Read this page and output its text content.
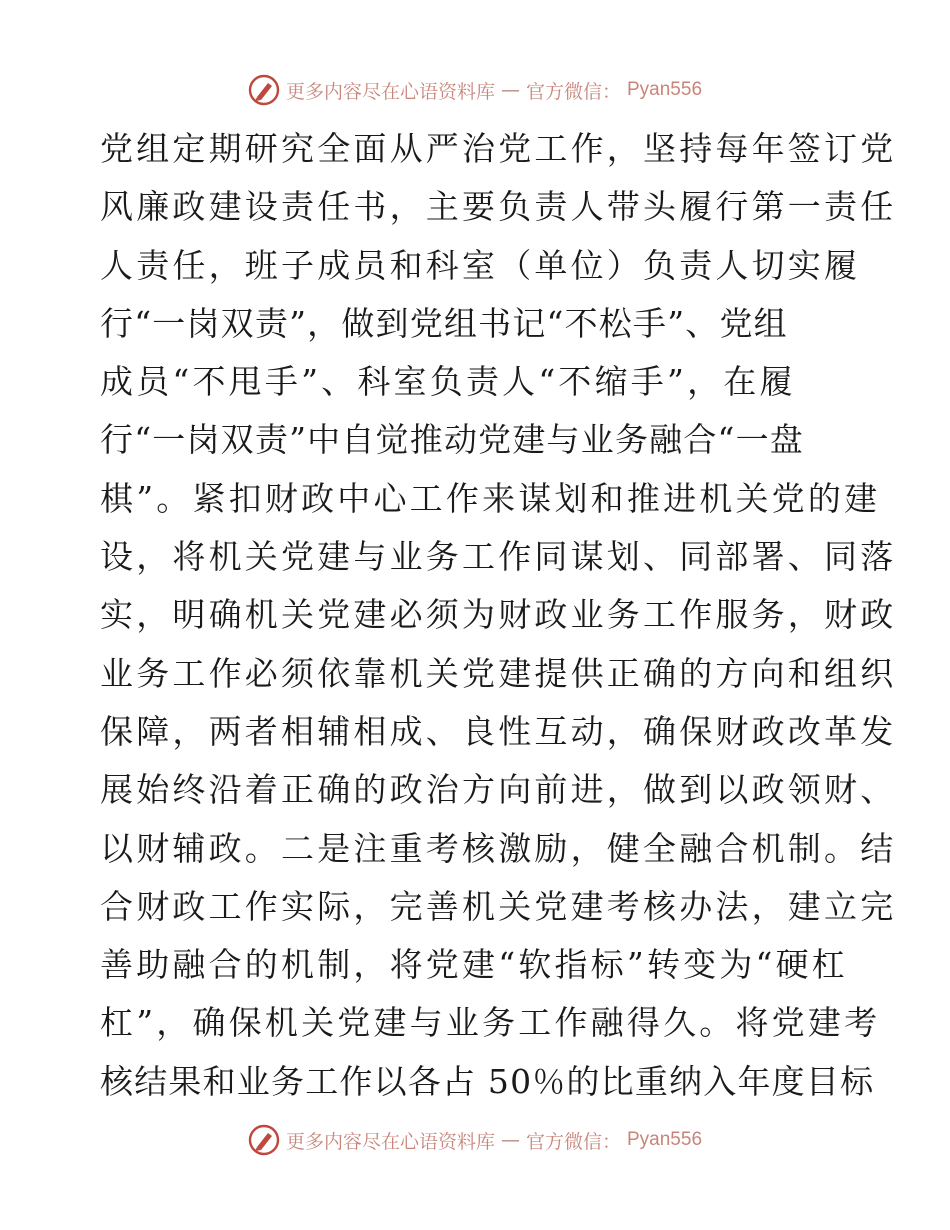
更多内容尽在心语资料库 — 官方微信： Pyan556
党组定期研究全面从严治党工作，坚持每年签订党
风廉政建设责任书，主要负责人带头履行第一责任
人责任，班子成员和科室（单位）负责人切实履
行“一岗双责”，做到党组书记“不松手”、党组
成员“不甩手”、科室负责人“不缩手”，在履
行“一岗双责”中自觉推动党建与业务融合“一盘
棋”。紧扣财政中心工作来谋划和推进机关党的建
设，将机关党建与业务工作同谋划、同部署、同落
实，明确机关党建必须为财政业务工作服务，财政
业务工作必须依靠机关党建提供正确的方向和组织
保障，两者相辅相成、良性互动，确保财政改革发
展始终沿着正确的政治方向前进，做到以政领财、
以财辅政。二是注重考核激励，健全融合机制。结
合财政工作实际，完善机关党建考核办法，建立完
善助融合的机制，将党建“软指标”转变为“硬杠
杠”，确保机关党建与业务工作融得久。将党建考
核结果和业务工作以各占 50％的比重纳入年度目标
更多内容尽在心语资料库 — 官方微信： Pyan556
